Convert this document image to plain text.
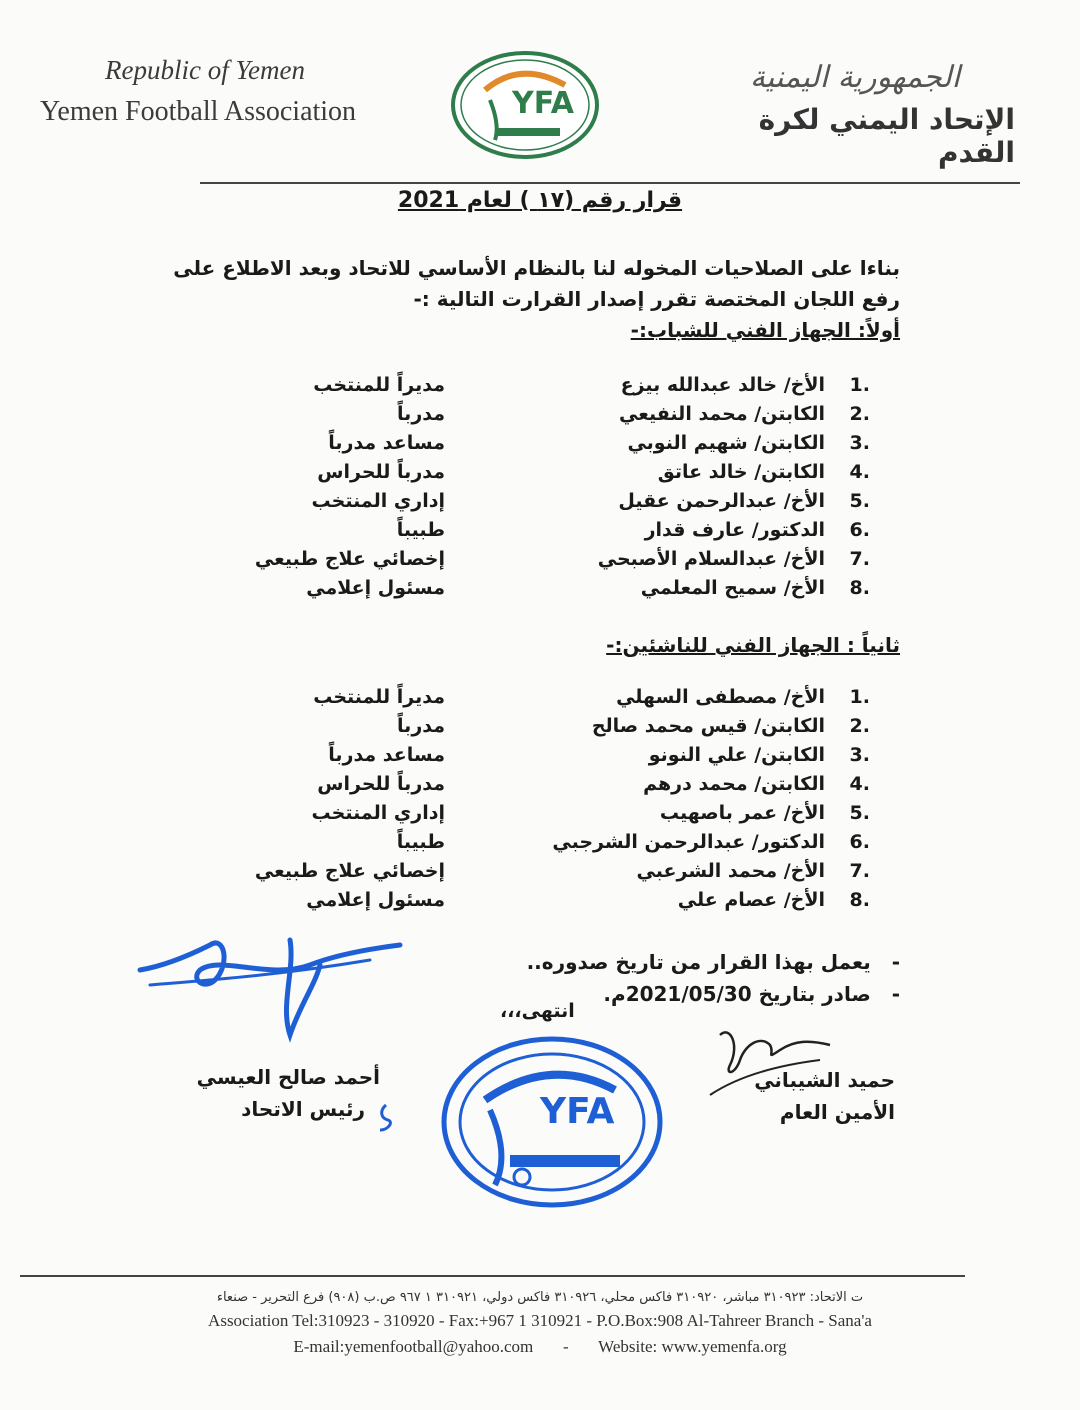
Republic of Yemen
Yemen Football Association	YFA
الجمهورية اليمنية
الإتحاد اليمني لكرة القدم
قرار رقم (١٧ ) لعام 2021
بناءا على الصلاحيات المخوله لنا بالنظام الأساسي للاتحاد وبعد الاطلاع على رفع اللجان المختصة تقرر إصدار القرارت التالية :-
أولاً: الجهاز الفني للشباب:-
1.
الأخ/ خالد عبدالله بيزع
مديراً للمنتخب
2.
الكابتن/ محمد النفيعي
مدرباً
3.
الكابتن/ شهيم النوبي
مساعد مدرباً
4.
الكابتن/ خالد عاتق
مدرباً للحراس
5.
الأخ/ عبدالرحمن عقيل
إداري المنتخب
6.
الدكتور/ عارف قدار
طبيباً
7.
الأخ/ عبدالسلام الأصبحي
إخصائي علاج طبيعي
8.
الأخ/ سميح المعلمي
مسئول إعلامي
ثانياً : الجهاز الفني للناشئين:-
1.
الأخ/ مصطفى السهلي
مديراً للمنتخب
2.
الكابتن/ قيس محمد صالح
مدرباً
3.
الكابتن/ علي النونو
مساعد مدرباً
4.
الكابتن/ محمد درهم
مدرباً للحراس
5.
الأخ/ عمر باصهيب
إداري المنتخب
6.
الدكتور/ عبدالرحمن الشرجبي
طبيباً
7.
الأخ/ محمد الشرعبي
إخصائي علاج طبيعي
8.
الأخ/ عصام علي
مسئول إعلامي
-   يعمل بهذا القرار من تاريخ صدوره..
-   صادر بتاريخ 2021/05/30م.
انتهى،،،
YFA
أحمد صالح العيسي
رئيس الاتحاد
حميد الشيباني
الأمين العام
ت الاتحاد: ٣١٠٩٢٣ مباشر، ٣١٠٩٢٠ فاكس محلي، ٣١٠٩٢٦ فاكس دولي، ٣١٠٩٢١ ١ ٩٦٧ ص.ب (٩٠٨) فرع التحرير - صنعاء
Association Tel:310923 - 310920 - Fax:+967 1 310921 - P.O.Box:908 Al-Tahreer Branch - Sana'a
E-mail:yemenfootball@yahoo.com - Website: www.yemenfa.org
